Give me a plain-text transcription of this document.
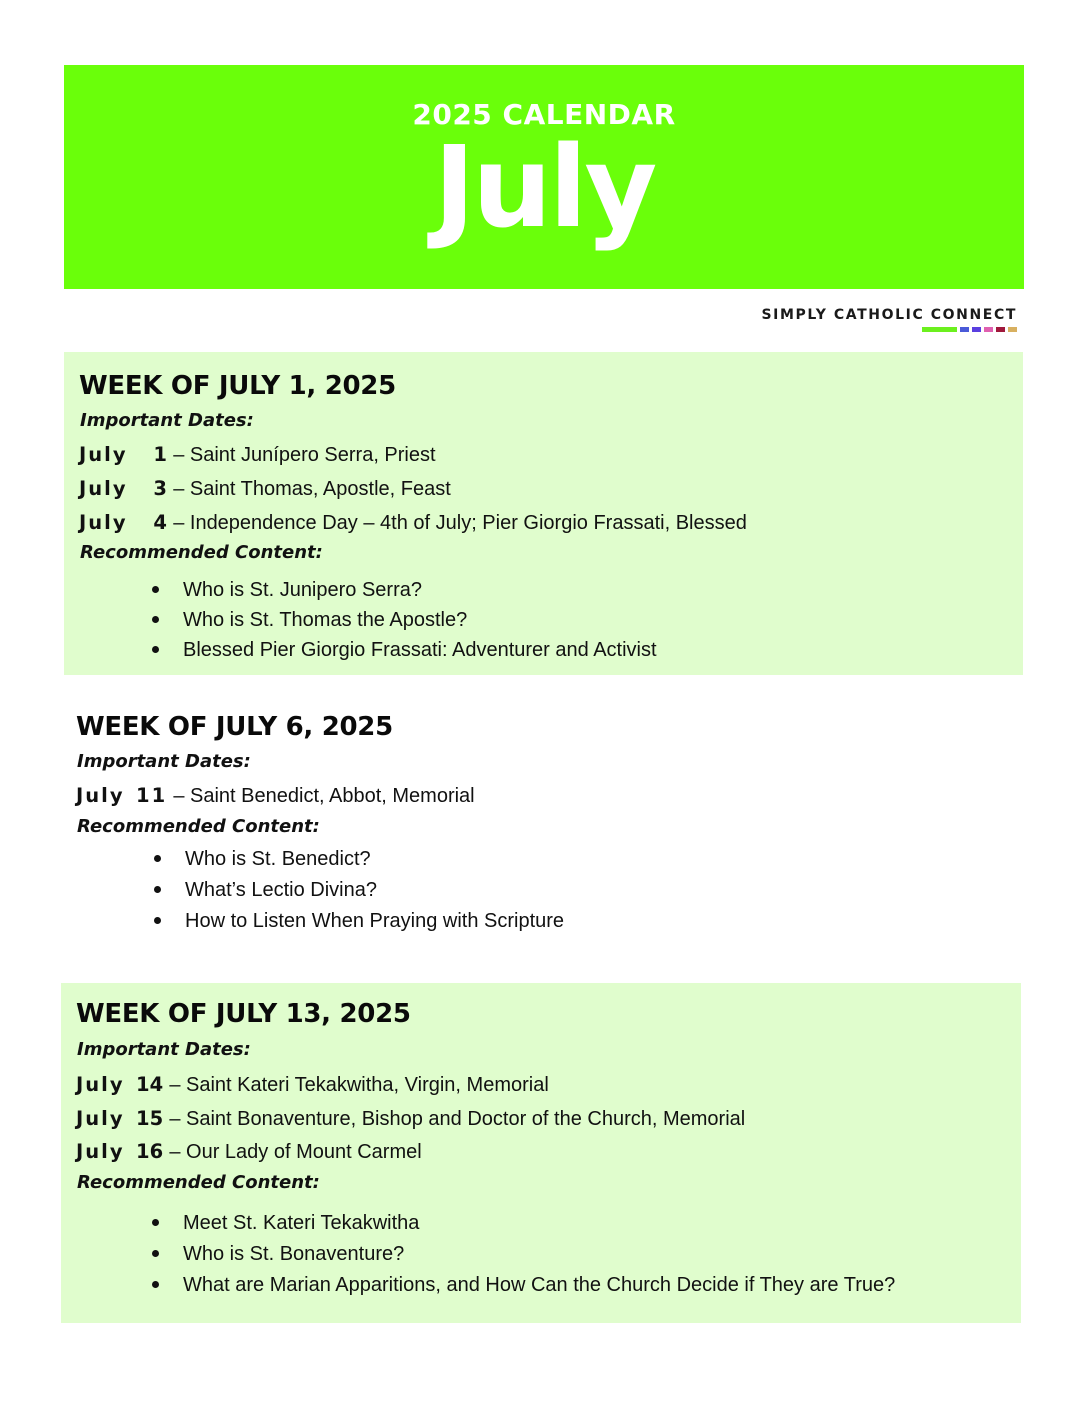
2025 CALENDAR
July
SIMPLY CATHOLIC CONNECT
WEEK OF JULY 1, 2025
Important Dates:
July 1 – Saint Junípero Serra, Priest
July 3 – Saint Thomas, Apostle, Feast
July 4 – Independence Day – 4th of July; Pier Giorgio Frassati, Blessed
Recommended Content:
Who is St. Junipero Serra?
Who is St. Thomas the Apostle?
Blessed Pier Giorgio Frassati: Adventurer and Activist
WEEK OF JULY 6, 2025
Important Dates:
July 11 – Saint Benedict, Abbot, Memorial
Recommended Content:
Who is St. Benedict?
What’s Lectio Divina?
How to Listen When Praying with Scripture
WEEK OF JULY 13, 2025
Important Dates:
July 14 – Saint Kateri Tekakwitha, Virgin, Memorial
July 15 – Saint Bonaventure, Bishop and Doctor of the Church, Memorial
July 16 – Our Lady of Mount Carmel
Recommended Content:
Meet St. Kateri Tekakwitha
Who is St. Bonaventure?
What are Marian Apparitions, and How Can the Church Decide if They are True?
